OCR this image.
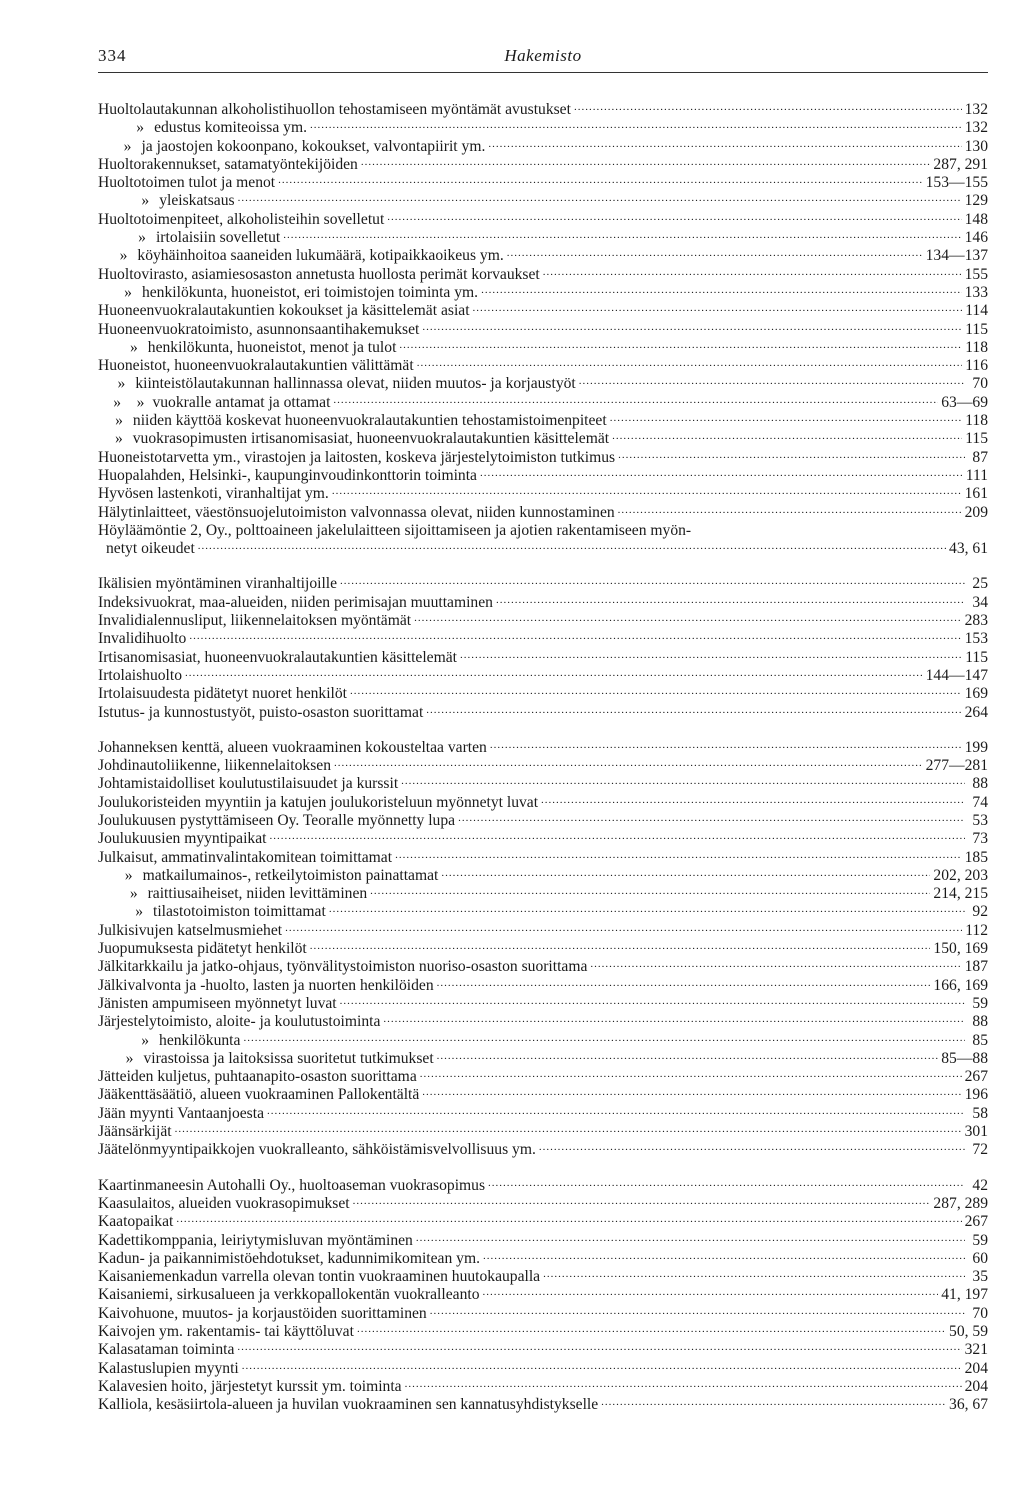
334	Hakemisto
Huoltolautakunnan alkoholistihuollon tehostamiseen myöntämät avustukset .....	132
» edustus komiteoissa ym. .....	132
» ja jaostojen kokoonpano, kokoukset, valvontapiirit ym. .....	130
Huoltorakennukset, satamatyöntekijöiden .....	287, 291
Huoltotoimen tulot ja menot .....	153—155
» yleiskatsaus .....	129
Huoltotoimenpiteet, alkoholisteihin sovelletut .....	148
» irtolaisiin sovelletut .....	146
» köyhäinhoitoa saaneiden lukumäärä, kotipaikkaoikeus ym. .....	134—137
Huoltovirasto, asiamiesosaston annetusta huollosta perimät korvaukset .....	155
» henkilökunta, huoneistot, eri toimistojen toiminta ym. .....	133
Huoneenvuokralautakuntien kokoukset ja käsittelemät asiat .....	114
Huoneenvuokratoimisto, asunnonsaantihakemukset .....	115
» henkilökunta, huoneistot, menot ja tulot .....	118
Huoneistot, huoneenvuokralautakuntien välittämät .....	116
» kiinteistölautakunnan hallinnassa olevat, niiden muutos- ja korjaustyöt .....	70
» » vuokralle antamat ja ottamat .....	63—69
» niiden käyttöä koskevat huoneenvuokralautakuntien tehostamistoimenpiteet .....	118
» vuokrasopimusten irtisanomisasiat, huoneenvuokralautakuntien käsittelemät .....	115
Huoneistotarvetta ym., virastojen ja laitosten, koskeva järjestelytoimiston tutkimus .....	87
Huopalahden, Helsinki-, kaupunginvoudinkonttorin toiminta .....	111
Hyvösen lastenkoti, viranhaltijat ym. .....	161
Hälytinlaitteet, väestönsuojelutoimiston valvonnassa olevat, niiden kunnostaminen .....	209
Höyläämöntie 2, Oy., polttoaineen jakelulaitteen sijoittamiseen ja ajotien rakentamiseen myön-
netyt oikeudet .....	43, 61
Ikälisien myöntäminen viranhaltijoille .....	25
Indeksivuokrat, maa-alueiden, niiden perimisajan muuttaminen .....	34
Invalidialennusliput, liikennelaitoksen myöntämät .....	283
Invalidihuolto .....	153
Irtisanomisasiat, huoneenvuokralautakuntien käsittelemät .....	115
Irtolaishuolto .....	144—147
Irtolaisuudesta pidätetyt nuoret henkilöt .....	169
Istutus- ja kunnostustyöt, puisto-osaston suorittamat .....	264
Johanneksen kenttä, alueen vuokraaminen kokousteltaa varten .....	199
Johdinautoliikenne, liikennelaitoksen .....	277—281
Johtamistaidolliset koulutustilaisuudet ja kurssit .....	88
Joulukoristeiden myyntiin ja katujen joulukoristeluun myönnetyt luvat .....	74
Joulukuusen pystyttämiseen Oy. Teoralle myönnetty lupa .....	53
Joulukuusien myyntipaikat .....	73
Julkaisut, ammatinvalintakomitean toimittamat .....	185
» matkailumainos-, retkeilytoimiston painattamat .....	202, 203
» raittiusaiheiset, niiden levittäminen .....	214, 215
» tilastotoimiston toimittamat .....	92
Julkisivujen katselmusmiehet .....	112
Juopumuksesta pidätetyt henkilöt .....	150, 169
Jälkitarkkailu ja jatko-ohjaus, työnvälitystoimiston nuoriso-osaston suorittama .....	187
Jälkivalvonta ja -huolto, lasten ja nuorten henkilöiden .....	166, 169
Jänisten ampumiseen myönnetyt luvat .....	59
Järjestelytoimisto, aloite- ja koulutustoiminta .....	88
» henkilökunta .....	85
» virastoissa ja laitoksissa suoritetut tutkimukset .....	85—88
Jätteiden kuljetus, puhtaanapito-osaston suorittama .....	267
Jääkenttäsäätiö, alueen vuokraaminen Pallokentältä .....	196
Jään myynti Vantaanjoesta .....	58
Jäänsärkijät .....	301
Jäätelönmyyntipaikkojen vuokralleanto, sähköistämisvelvollisuus ym. .....	72
Kaartinmaneesin Autohalli Oy., huoltoaseman vuokrasopimus .....	42
Kaasulaitos, alueiden vuokrasopimukset .....	287, 289
Kaatopaikat .....	267
Kadettikomppania, leiriytymisluvan myöntäminen .....	59
Kadun- ja paikannimistöehdotukset, kadunnimikomitean ym. .....	60
Kaisaniemenkadun varrella olevan tontin vuokraaminen huutokaupalla .....	35
Kaisaniemi, sirkusalueen ja verkkopallokentän vuokralleanto .....	41, 197
Kaivohuone, muutos- ja korjaustöiden suorittaminen .....	70
Kaivojen ym. rakentamis- tai käyttöluvat .....	50, 59
Kalasataman toiminta .....	321
Kalastuslupien myynti .....	204
Kalavesien hoito, järjestetyt kurssit ym. toiminta .....	204
Kalliola, kesäsiirtola-alueen ja huvilan vuokraaminen sen kannatusyhdistykselle .....	36, 67
